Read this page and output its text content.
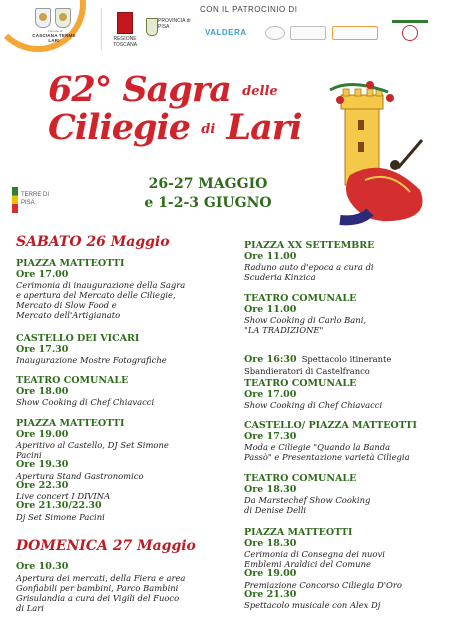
Comune di
CASCIANA TERME LARI
CON IL PATROCINIO DI
REGIONE TOSCANA
PROVINCIA di PISA
VALDERA
62° Sagra delle
Ciliegie di Lari
TERRE DI PISA
26-27 MAGGIO
e 1-2-3 GIUGNO
SABATO 26 Maggio
PIAZZA MATTEOTTI
Ore 17.00
Cerimonia di inaugurazione della Sagra
e apertura del Mercato delle Ciliegie,
Mercato di Slow Food e
Mercato dell'Artigianato
CASTELLO DEI VICARI
Ore 17.30
Inaugurazione Mostre Fotografiche
TEATRO COMUNALE
Ore 18.00
Show Cooking di Chef Chiavacci
PIAZZA MATTEOTTI
Ore 19.00
Aperitivo al Castello, DJ Set Simone
Pacini
Ore 19.30
Apertura Stand Gastronomico
Ore 22.30
Live concert I DIVINA
Ore 21.30/22.30
Dj Set Simone Pacini
DOMENICA 27 Maggio
Ore 10.30
Apertura dei mercati, della Fiera e area
Gonfiabili per bambini, Parco Bambini
Grisulandia a cura dei Vigili del Fuoco
di Lari
PIAZZA XX SETTEMBRE
Ore 11.00
Raduno auto d'epoca a cura di
Scuderia Kinzica
TEATRO COMUNALE
Ore 11.00
Show Cooking di Carlo Bani,
"LA TRADIZIONE"
Ore 16:30 Spettacolo itinerante
Sbandieratori di Castelfranco
TEATRO COMUNALE
Ore 17.00
Show Cooking di Chef Chiavacci
CASTELLO/ PIAZZA MATTEOTTI
Ore 17.30
Moda e Ciliegie "Quando la Banda
Passò" e Presentazione varietà Ciliegia
TEATRO COMUNALE
Ore 18.30
Da Marstechef Show Cooking
di Denise Delli
PIAZZA MATTEOTTI
Ore 18.30
Cerimonia di Consegna dei nuovi
Emblemi Araldici del Comune
Ore 19.00
Premiazione Concorso Ciliegia D'Oro
Ore 21.30
Spettacolo musicale con Alex Dj
